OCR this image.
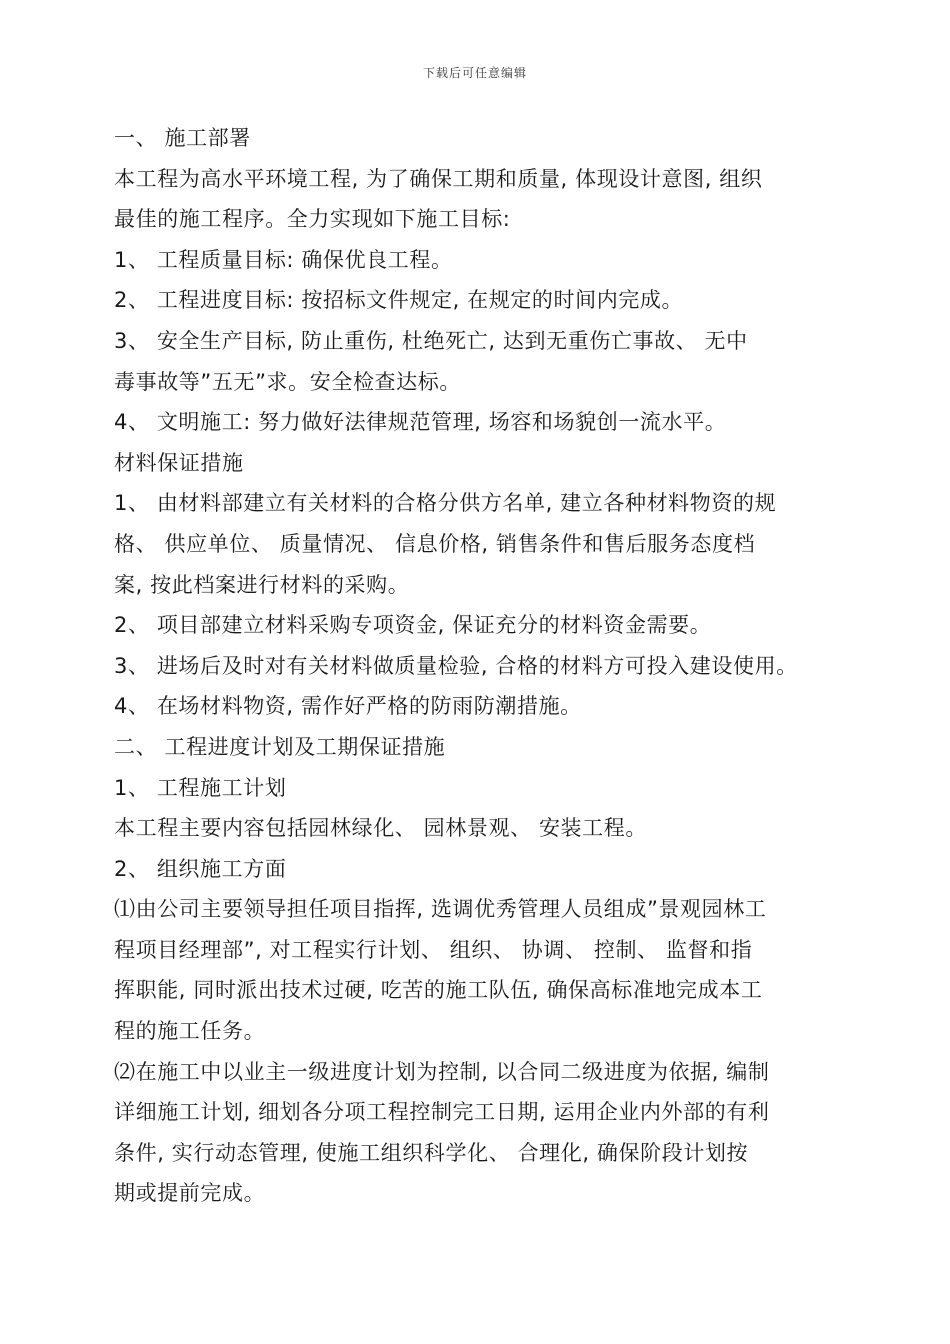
下载后可任意编辑
一、 施工部署
本工程为高水平环境工程, 为了确保工期和质量, 体现设计意图, 组织
最佳的施工程序。全力实现如下施工目标:
1、 工程质量目标: 确保优良工程。
2、 工程进度目标: 按招标文件规定, 在规定的时间内完成。
3、 安全生产目标, 防止重伤, 杜绝死亡, 达到无重伤亡事故、 无中
毒事故等”五无”求。安全检查达标。
4、 文明施工: 努力做好法律规范管理, 场容和场貌创一流水平。
材料保证措施
1、 由材料部建立有关材料的合格分供方名单, 建立各种材料物资的规
格、 供应单位、 质量情况、 信息价格, 销售条件和售后服务态度档
案, 按此档案进行材料的采购。
2、 项目部建立材料采购专项资金, 保证充分的材料资金需要。
3、 进场后及时对有关材料做质量检验, 合格的材料方可投入建设使用。
4、 在场材料物资, 需作好严格的防雨防潮措施。
二、 工程进度计划及工期保证措施
1、 工程施工计划
本工程主要内容包括园林绿化、 园林景观、 安装工程。
2、 组织施工方面
⑴由公司主要领导担任项目指挥, 选调优秀管理人员组成”景观园林工
程项目经理部”, 对工程实行计划、 组织、 协调、 控制、 监督和指
挥职能, 同时派出技术过硬, 吃苦的施工队伍, 确保高标准地完成本工
程的施工任务。
⑵在施工中以业主一级进度计划为控制, 以合同二级进度为依据, 编制
详细施工计划, 细划各分项工程控制完工日期, 运用企业内外部的有利
条件, 实行动态管理, 使施工组织科学化、 合理化, 确保阶段计划按
期或提前完成。
